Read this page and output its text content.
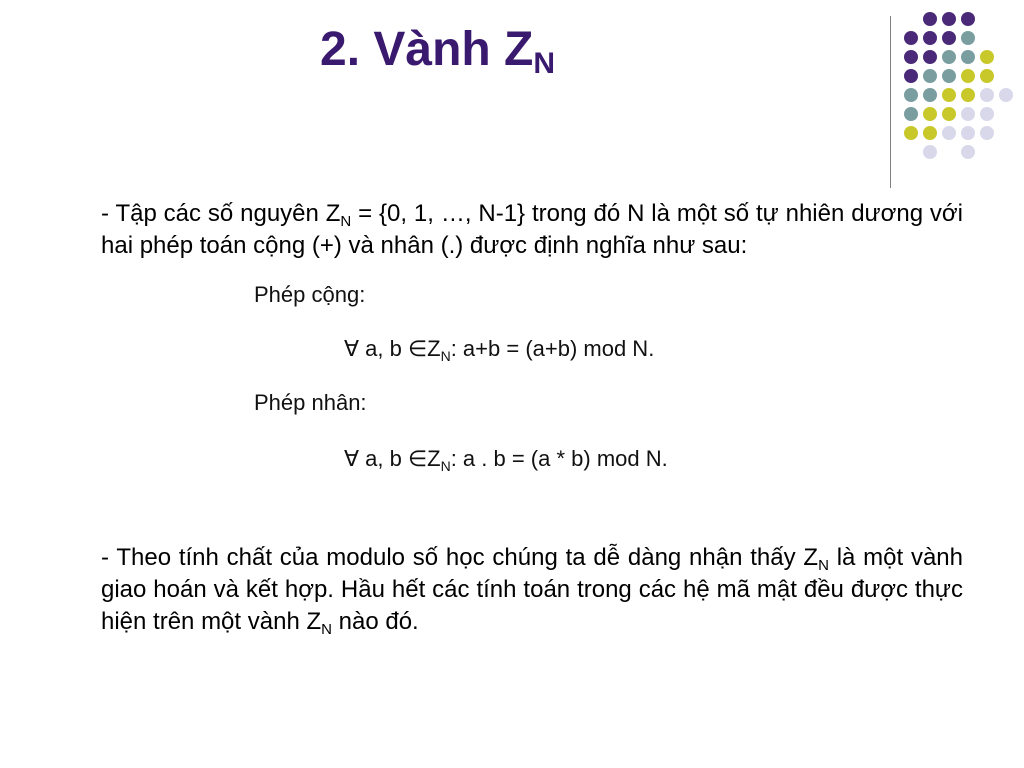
2. Vành $Z_N$
- Tập các số nguyên $Z_N = \{0$, 1, …, N-1} trong đó N là một số tự nhiên dương với hai phép toán cộng (+) và nhân (.) được định nghĩa như sau:
Phép cộng:
∀ a, b $\in Z_N$: a+b = (a+b) mod N.
Phép nhân:
∀ a, b $\in Z_N$: a . b = (a * b) mod N.
- Theo tính chất của modulo số học chúng ta dễ dàng nhận thấy $Z_N$ là một vành giao hoán và kết hợp. Hầu hết các tính toán trong các hệ mã mật đều được thực hiện trên một vành $Z_N$ nào đó.
